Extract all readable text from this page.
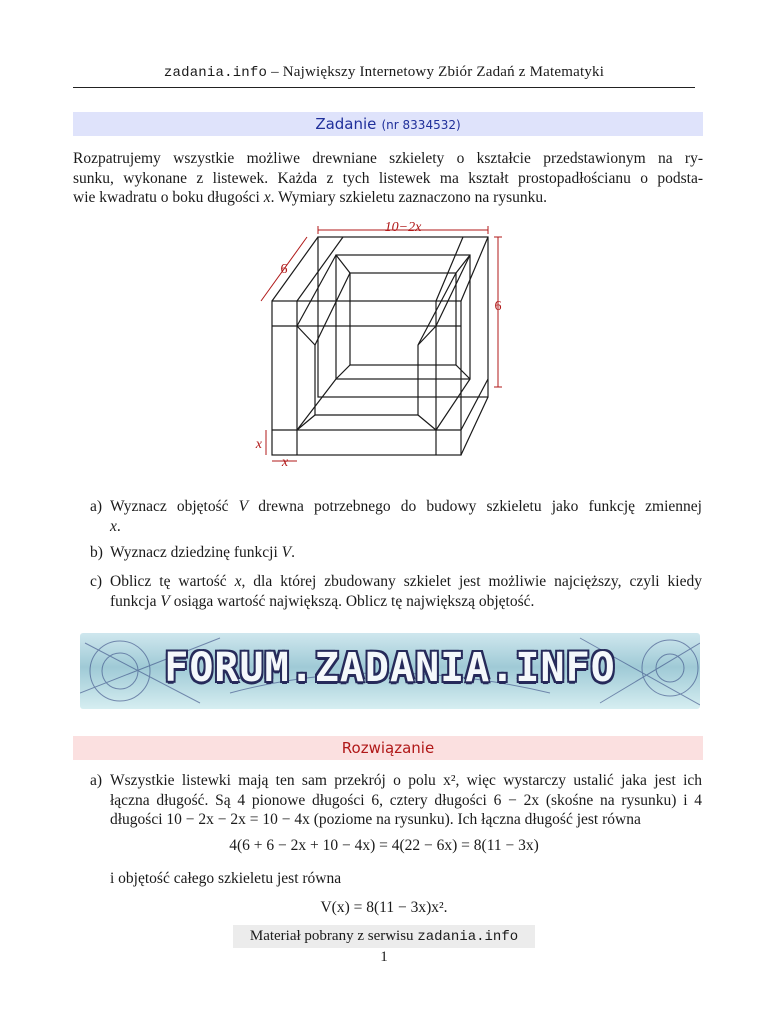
zadania.info – Największy Internetowy Zbiór Zadań z Matematyki
Zadanie (nr 8334532)
Rozpatrujemy wszystkie możliwe drewniane szkielety o kształcie przedstawionym na ry-
sunku, wykonane z listewek. Każda z tych listewek ma kształt prostopadłościanu o podsta-
wie kwadratu o boku długości x. Wymiary szkieletu zaznaczono na rysunku.
10−2x
6
6
x
x
a) Wyznacz objętość V drewna potrzebnego do budowy szkieletu jako funkcję zmiennej
x.
b) Wyznacz dziedzinę funkcji V.
c) Oblicz tę wartość x, dla której zbudowany szkielet jest możliwie najcięższy, czyli kiedy
funkcja V osiąga wartość największą. Oblicz tę największą objętość.
FORUM.ZADANIA.INFO
Rozwiązanie
a) Wszystkie listewki mają ten sam przekrój o polu x², więc wystarczy ustalić jaka jest ich
łączna długość. Są 4 pionowe długości 6, cztery długości 6 − 2x (skośne na rysunku) i 4
długości 10 − 2x − 2x = 10 − 4x (poziome na rysunku). Ich łączna długość jest równa
4(6 + 6 − 2x + 10 − 4x) = 4(22 − 6x) = 8(11 − 3x)
i objętość całego szkieletu jest równa
V(x) = 8(11 − 3x)x².
Materiał pobrany z serwisu zadania.info
1
